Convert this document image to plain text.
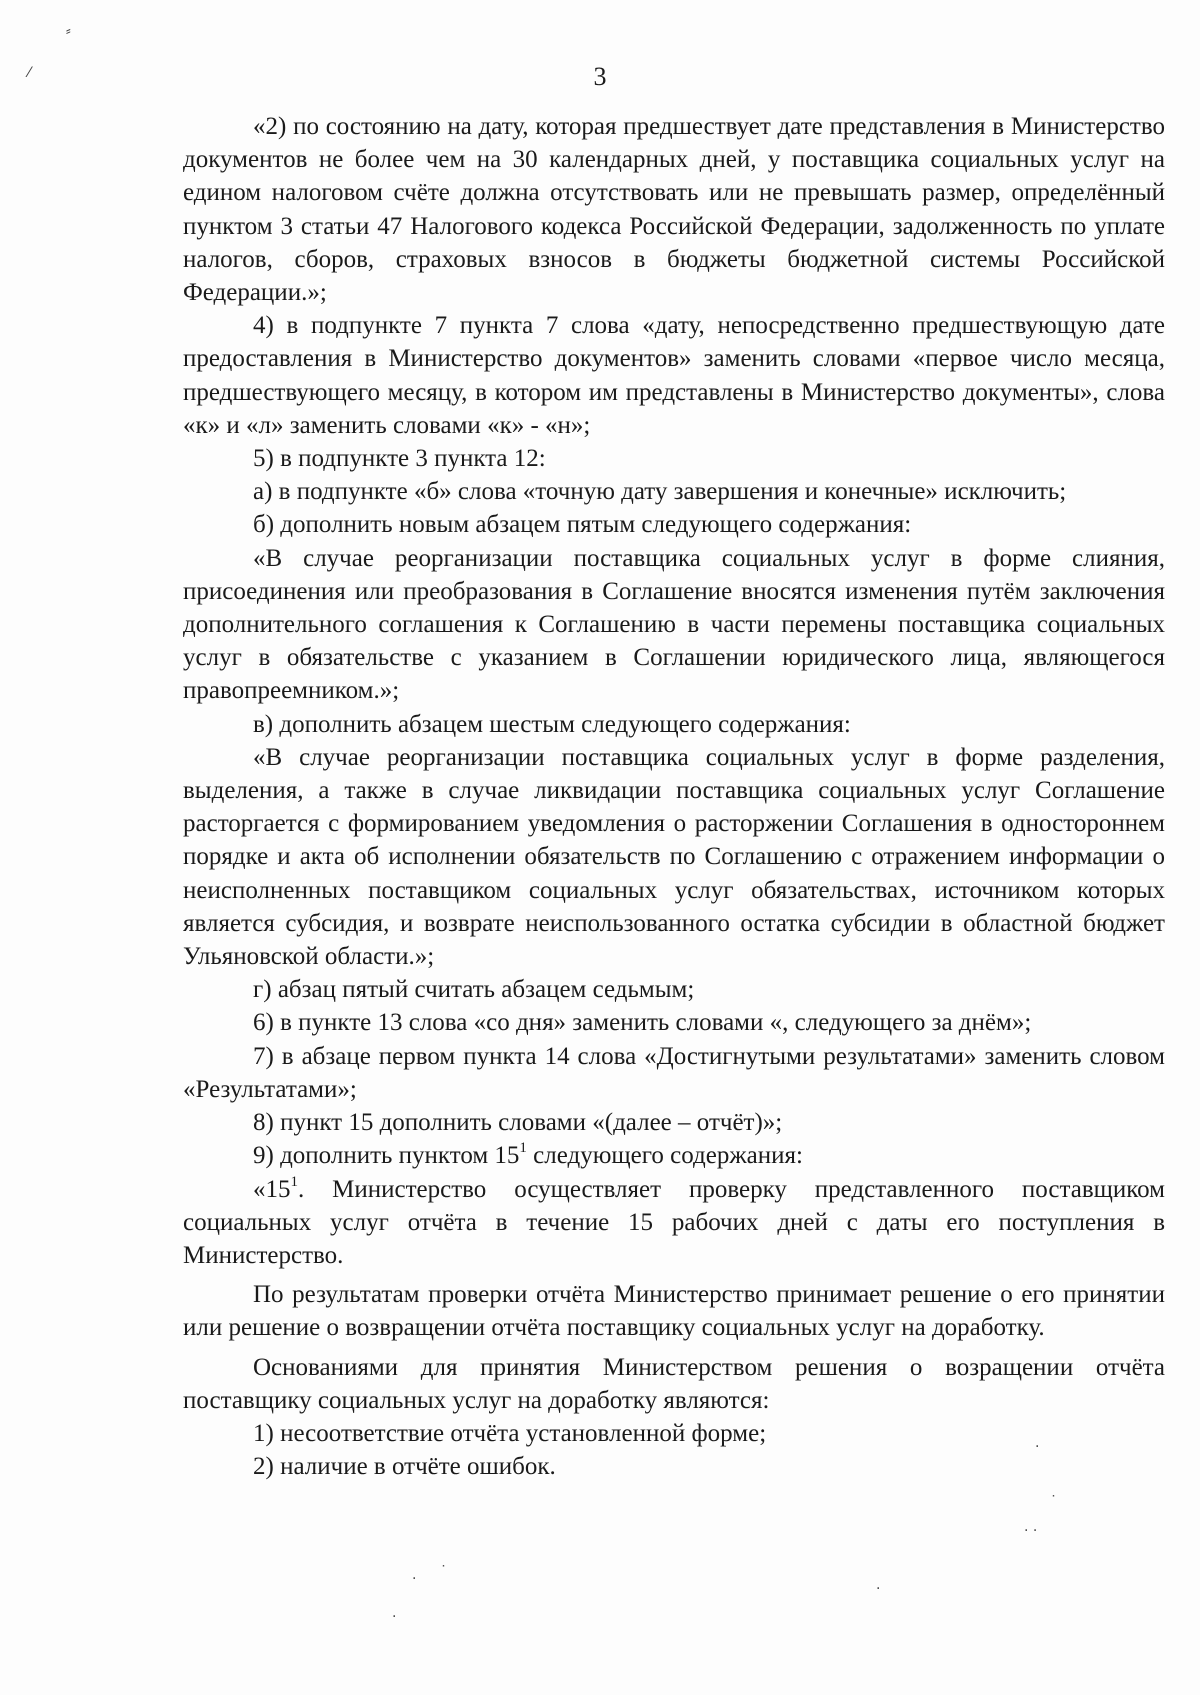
⸗
⁄
·
˙
. .
· ˙
·
·
3

«2) по состоянию на дату, которая предшествует дате представления в Министерство документов не более чем на 30 календарных дней, у поставщика социальных услуг на едином налоговом счёте должна отсутствовать или не превышать размер, определённый пунктом 3 статьи 47 Налогового кодекса Российской Федерации, задолженность по уплате налогов, сборов, страховых взносов в бюджеты бюджетной системы Российской Федерации.»;

4) в подпункте 7 пункта 7 слова «дату, непосредственно предшествующую дате предоставления в Министерство документов» заменить словами «первое число месяца, предшествующего месяцу, в котором им представлены в Министерство документы», слова «к» и «л» заменить словами «к» - «н»;

5) в подпункте 3 пункта 12:

а) в подпункте «б» слова «точную дату завершения и конечные» исключить;

б) дополнить новым абзацем пятым следующего содержания:

«В случае реорганизации поставщика социальных услуг в форме слияния, присоединения или преобразования в Соглашение вносятся изменения путём заключения дополнительного соглашения к Соглашению в части перемены поставщика социальных услуг в обязательстве с указанием в Соглашении юридического лица, являющегося правопреемником.»;

в) дополнить абзацем шестым следующего содержания:

«В случае реорганизации поставщика социальных услуг в форме разделения, выделения, а также в случае ликвидации поставщика социальных услуг Соглашение расторгается с формированием уведомления о расторжении Соглашения в одностороннем порядке и акта об исполнении обязательств по Соглашению с отражением информации о неисполненных поставщиком социальных услуг обязательствах, источником которых является субсидия, и возврате неиспользованного остатка субсидии в областной бюджет Ульяновской области.»;

г) абзац пятый считать абзацем седьмым;

6) в пункте 13 слова «со дня» заменить словами «, следующего за днём»;

7) в абзаце первом пункта 14 слова «Достигнутыми результатами» заменить словом «Результатами»;

8) пункт 15 дополнить словами «(далее – отчёт)»;

9) дополнить пунктом $15^1$ следующего содержания:

«$15^1$. Министерство осуществляет проверку представленного поставщиком социальных услуг отчёта в течение 15 рабочих дней с даты его поступления в Министерство.

По результатам проверки отчёта Министерство принимает решение о его принятии или решение о возвращении отчёта поставщику социальных услуг на доработку.

Основаниями для принятия Министерством решения о возращении отчёта поставщику социальных услуг на доработку являются:

1) несоответствие отчёта установленной форме;

2) наличие в отчёте ошибок.
